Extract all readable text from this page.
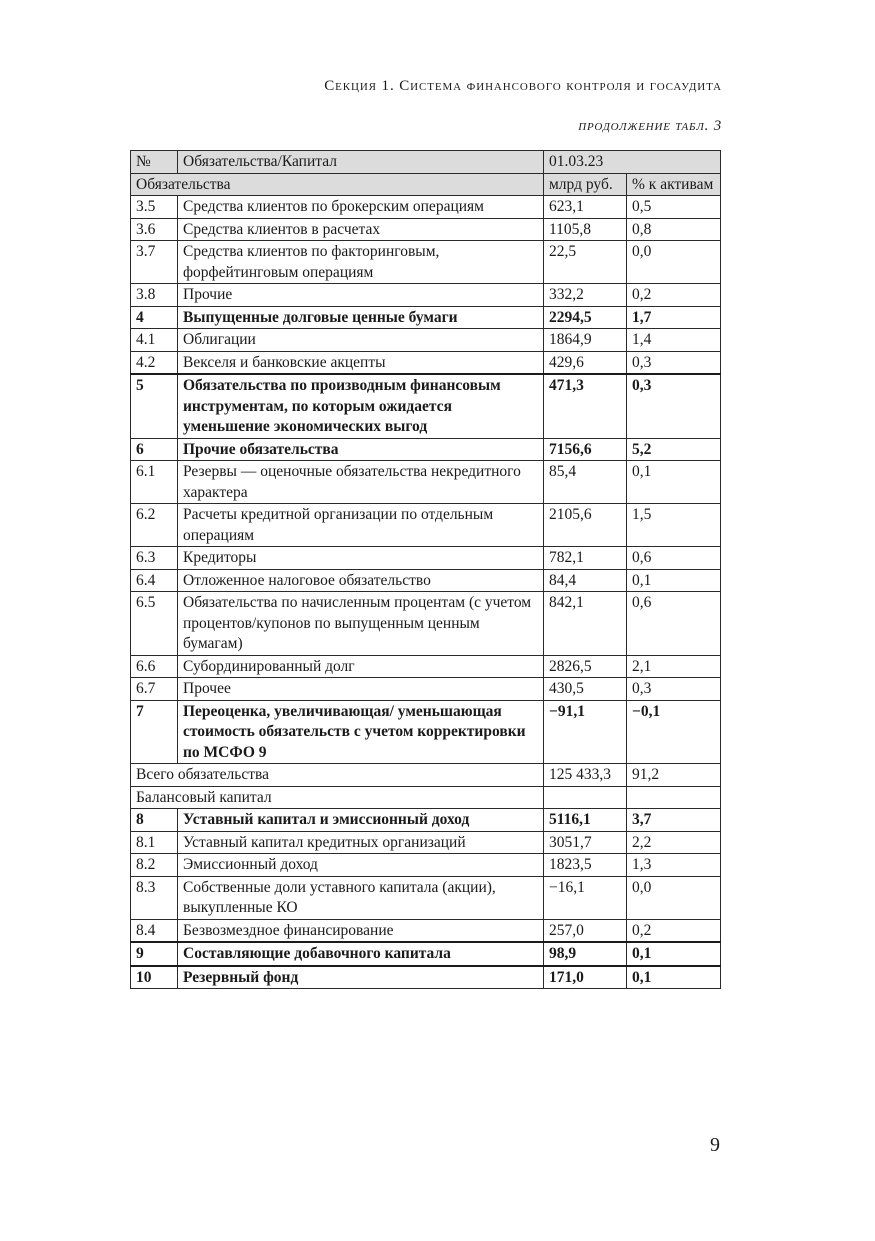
Секция 1. Система финансового контроля и госаудита
продолжение табл. 3
№	Обязательства/Капитал	01.03.23	
Обязательства		млрд руб.	% к активам
3.5	Средства клиентов по брокерским операциям	623,1	0,5
3.6	Средства клиентов в расчетах	1105,8	0,8
3.7	Средства клиентов по факторинговым, форфейтинговым операциям	22,5	0,0
3.8	Прочие	332,2	0,2
4	Выпущенные долговые ценные бумаги	2294,5	1,7
4.1	Облигации	1864,9	1,4
4.2	Векселя и банковские акцепты	429,6	0,3
5	Обязательства по производным финансовым инструментам, по которым ожидается уменьшение экономических выгод	471,3	0,3
6	Прочие обязательства	7156,6	5,2
6.1	Резервы — оценочные обязательства некредитного характера	85,4	0,1
6.2	Расчеты кредитной организации по отдельным операциям	2105,6	1,5
6.3	Кредиторы	782,1	0,6
6.4	Отложенное налоговое обязательство	84,4	0,1
6.5	Обязательства по начисленным процентам (с учетом процентов/купонов по выпущенным ценным бумагам)	842,1	0,6
6.6	Субординированный долг	2826,5	2,1
6.7	Прочее	430,5	0,3
7	Переоценка, увеличивающая/ уменьшающая стоимость обязательств с учетом корректировки по МСФО 9	−91,1	−0,1
Всего обязательства		125 433,3	91,2
Балансовый капитал			
8	Уставный капитал и эмиссионный доход	5116,1	3,7
8.1	Уставный капитал кредитных организаций	3051,7	2,2
8.2	Эмиссионный доход	1823,5	1,3
8.3	Собственные доли уставного капитала (акции), выкупленные КО	−16,1	0,0
8.4	Безвозмездное финансирование	257,0	0,2
9	Составляющие добавочного капитала	98,9	0,1
10	Резервный фонд	171,0	0,1
9
